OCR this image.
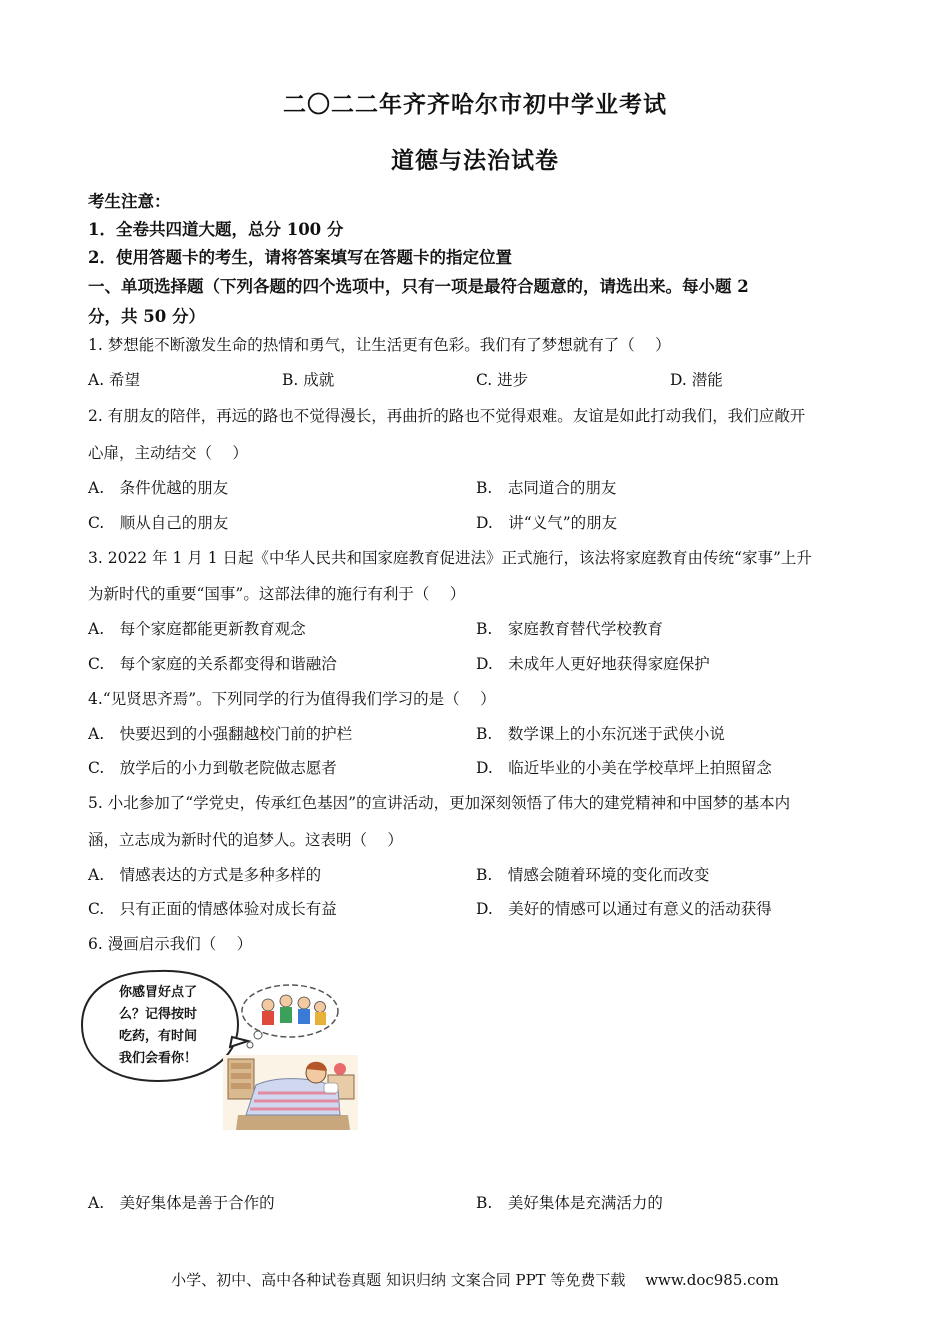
二〇二二年齐齐哈尔市初中学业考试
道德与法治试卷
考生注意：
1．全卷共四道大题，总分 100 分
2．使用答题卡的考生，请将答案填写在答题卡的指定位置
一、单项选择题（下列各题的四个选项中，只有一项是最符合题意的，请选出来。每小题 2
分，共 50 分）
1. 梦想能不断激发生命的热情和勇气，让生活更有色彩。我们有了梦想就有了（　 ）
A. 希望	B. 成就	C. 进步	D. 潜能
2. 有朋友的陪伴，再远的路也不觉得漫长，再曲折的路也不觉得艰难。友谊是如此打动我们，我们应敞开
心扉，主动结交（　 ）
A.　条件优越的朋友	B.　志同道合的朋友
C.　顺从自己的朋友	D.　讲“义气”的朋友
3. 2022 年 1 月 1 日起《中华人民共和国家庭教育促进法》正式施行，该法将家庭教育由传统“家事”上升
为新时代的重要“国事”。这部法律的施行有利于（　 ）
A.　每个家庭都能更新教育观念	B.　家庭教育替代学校教育
C.　每个家庭的关系都变得和谐融洽	D.　未成年人更好地获得家庭保护
4.“见贤思齐焉”。下列同学的行为值得我们学习的是（　 ）
A.　快要迟到的小强翻越校门前的护栏	B.　数学课上的小东沉迷于武侠小说
C.　放学后的小力到敬老院做志愿者	D.　临近毕业的小美在学校草坪上拍照留念
5. 小北参加了“学党史，传承红色基因”的宣讲活动，更加深刻领悟了伟大的建党精神和中国梦的基本内
涵，立志成为新时代的追梦人。这表明（　 ）
A.　情感表达的方式是多种多样的	B.　情感会随着环境的变化而改变
C.　只有正面的情感体验对成长有益	D.　美好的情感可以通过有意义的活动获得
6. 漫画启示我们（　 ）
你感冒好点了
么？记得按时
吃药，有时间
我们会看你！
A.　美好集体是善于合作的	B.　美好集体是充满活力的
小学、初中、高中各种试卷真题 知识归纳 文案合同 PPT 等免费下载　 www.doc985.com
